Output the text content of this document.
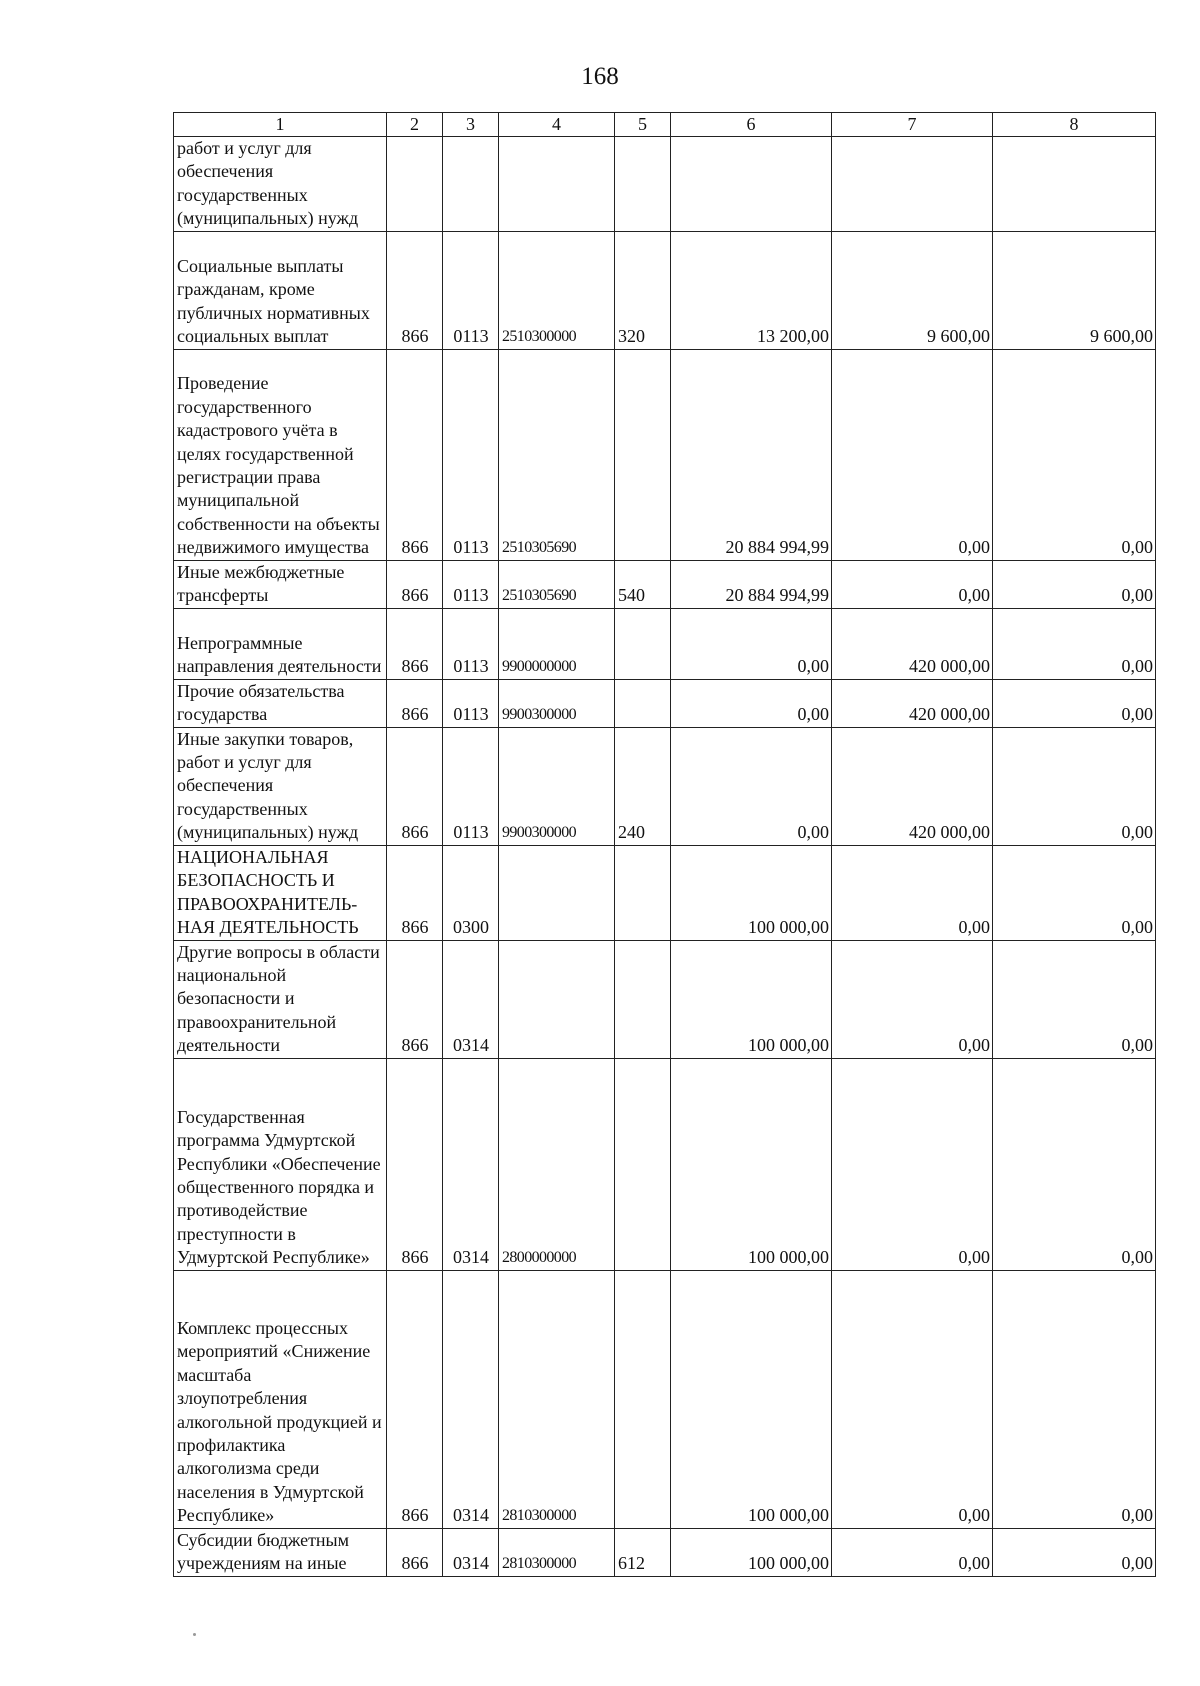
168
1	2	3	4	5	6	7	8
работ и услуг для обеспечения государственных (муниципальных) нужд							
Социальные выплаты гражданам, кроме публичных нормативных социальных выплат	866	0113	2510300000	320	13 200,00	9 600,00	9 600,00
Проведение государственного кадастрового учёта в целях государственной регистрации права муниципальной собственности на объекты недвижимого имущества	866	0113	2510305690		20 884 994,99	0,00	0,00
Иные межбюджетные трансферты	866	0113	2510305690	540	20 884 994,99	0,00	0,00
Непрограммные направления деятельности	866	0113	9900000000		0,00	420 000,00	0,00
Прочие обязательства государства	866	0113	9900300000		0,00	420 000,00	0,00
Иные закупки товаров, работ и услуг для обеспечения государственных (муниципальных) нужд	866	0113	9900300000	240	0,00	420 000,00	0,00
НАЦИОНАЛЬНАЯ БЕЗОПАСНОСТЬ И ПРАВООХРАНИТЕЛЬ-НАЯ ДЕЯТЕЛЬНОСТЬ	866	0300			100 000,00	0,00	0,00
Другие вопросы в области национальной безопасности и правоохранительной деятельности	866	0314			100 000,00	0,00	0,00
Государственная программа Удмуртской Республики «Обеспечение общественного порядка и противодействие преступности в Удмуртской Республике»	866	0314	2800000000		100 000,00	0,00	0,00
Комплекс процессных мероприятий «Снижение масштаба злоупотребления алкогольной продукцией и профилактика алкоголизма среди населения в Удмуртской Республике»	866	0314	2810300000		100 000,00	0,00	0,00
Субсидии бюджетным учреждениям на иные	866	0314	2810300000	612	100 000,00	0,00	0,00
